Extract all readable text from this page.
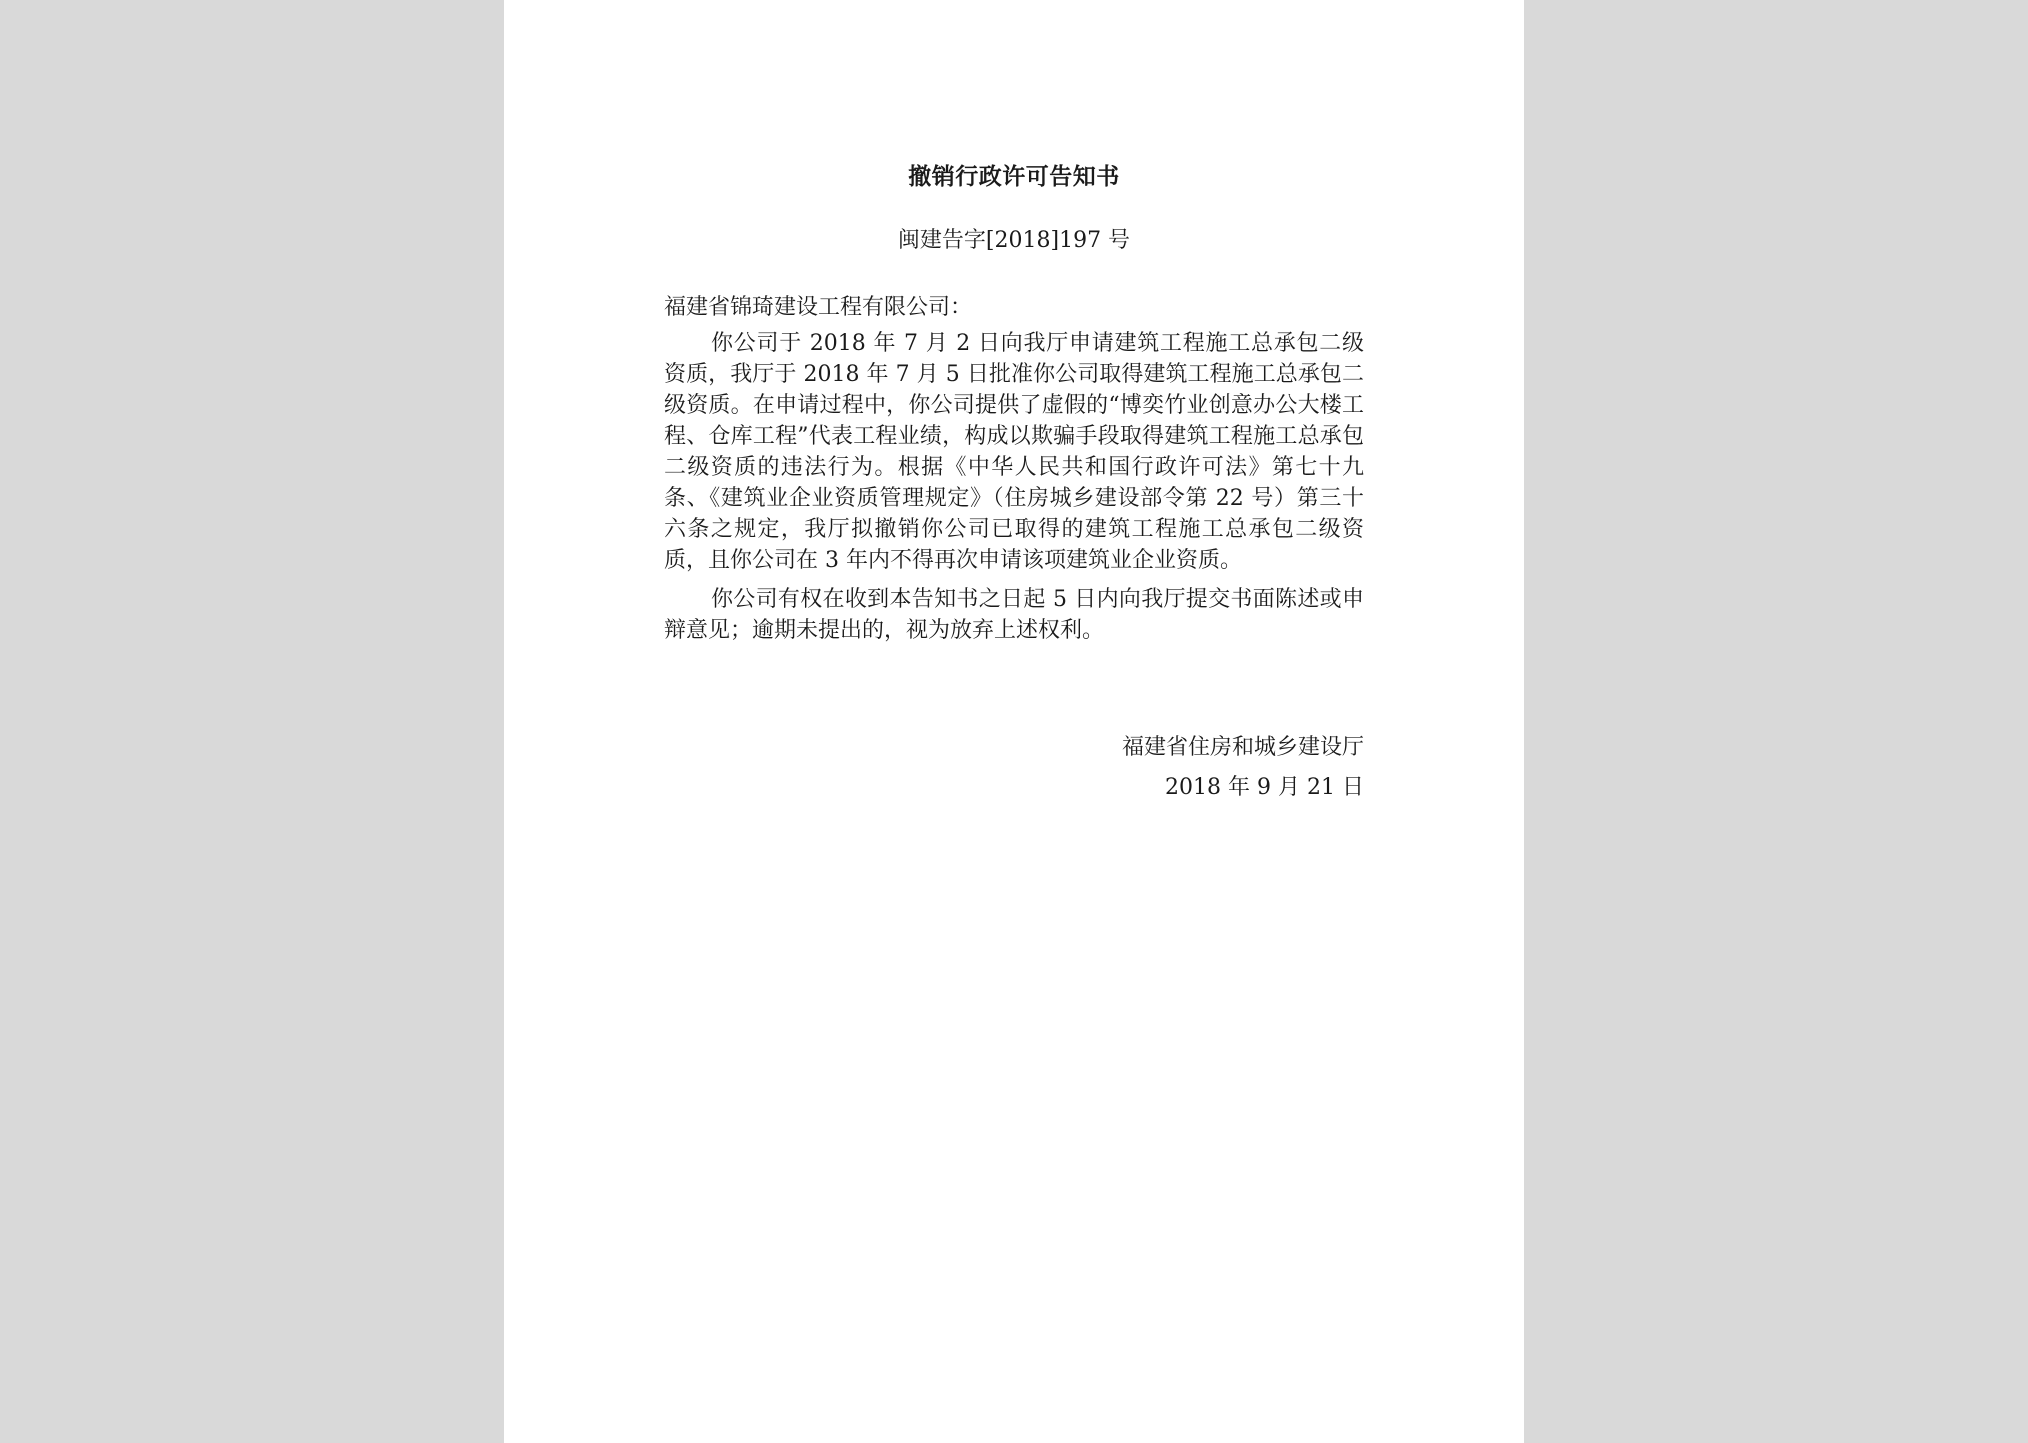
撤销行政许可告知书
闽建告字[2018]197 号
福建省锦琦建设工程有限公司：

你公司于 2018 年 7 月 2 日向我厅申请建筑工程施工总承包二级资质，我厅于 2018 年 7 月 5 日批准你公司取得建筑工程施工总承包二级资质。在申请过程中，你公司提供了虚假的“博奕竹业创意办公大楼工程、仓库工程”代表工程业绩，构成以欺骗手段取得建筑工程施工总承包二级资质的违法行为。根据《中华人民共和国行政许可法》第七十九条、《建筑业企业资质管理规定》（住房城乡建设部令第 22 号）第三十六条之规定，我厅拟撤销你公司已取得的建筑工程施工总承包二级资质，且你公司在 3 年内不得再次申请该项建筑业企业资质。

你公司有权在收到本告知书之日起 5 日内向我厅提交书面陈述或申辩意见；逾期未提出的，视为放弃上述权利。

福建省住房和城乡建设厅
2018 年 9 月 21 日
